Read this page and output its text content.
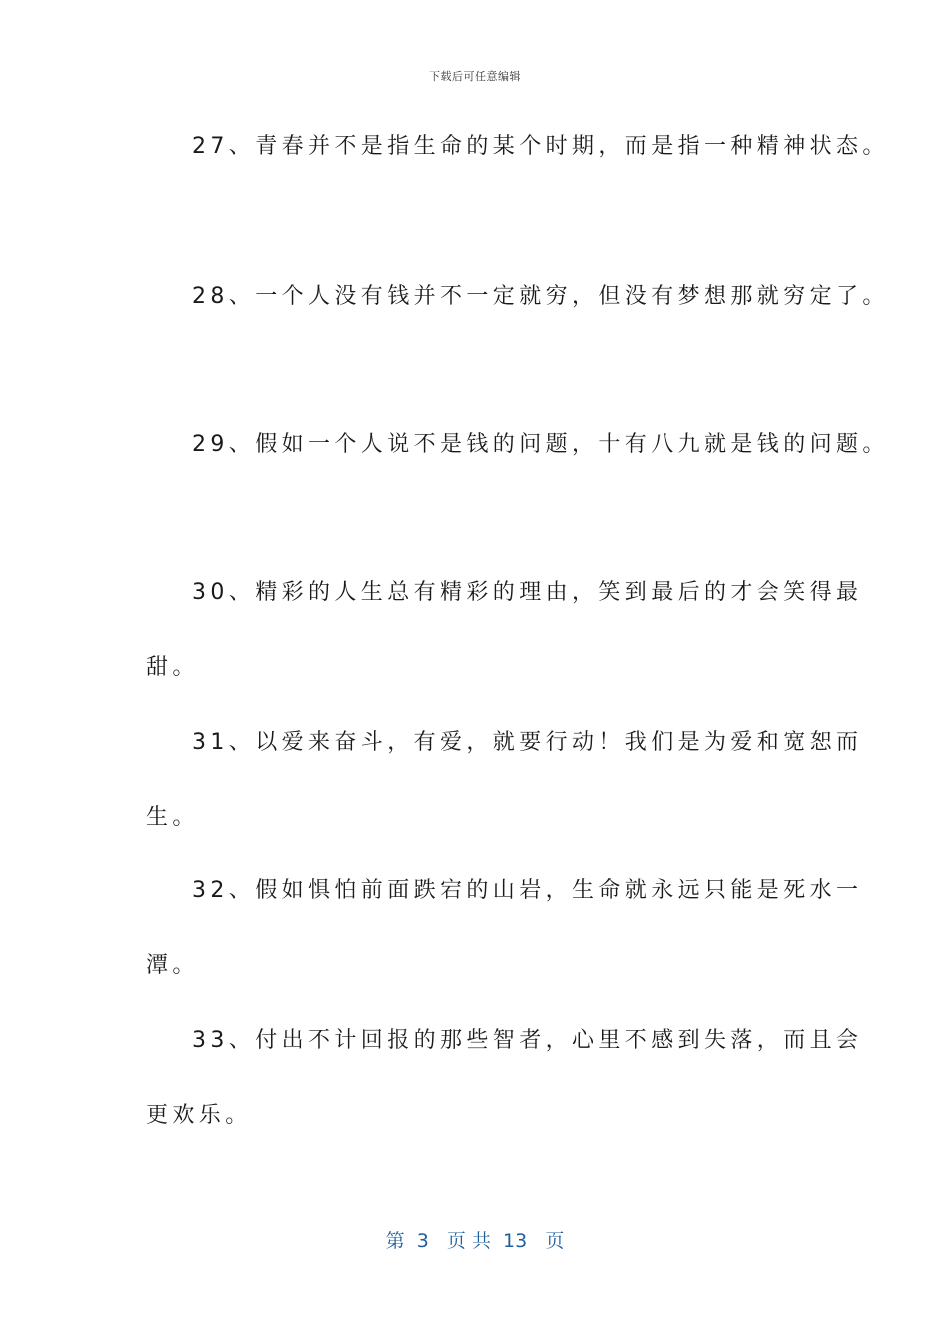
下载后可任意编辑
27、青春并不是指生命的某个时期，而是指一种精神状态。
28、一个人没有钱并不一定就穷，但没有梦想那就穷定了。
29、假如一个人说不是钱的问题，十有八九就是钱的问题。
30、精彩的人生总有精彩的理由，笑到最后的才会笑得最
甜。
31、以爱来奋斗，有爱，就要行动！我们是为爱和宽恕而
生。
32、假如惧怕前面跌宕的山岩，生命就永远只能是死水一
潭。
33、付出不计回报的那些智者，心里不感到失落，而且会
更欢乐。
第  3   页 共  13   页
